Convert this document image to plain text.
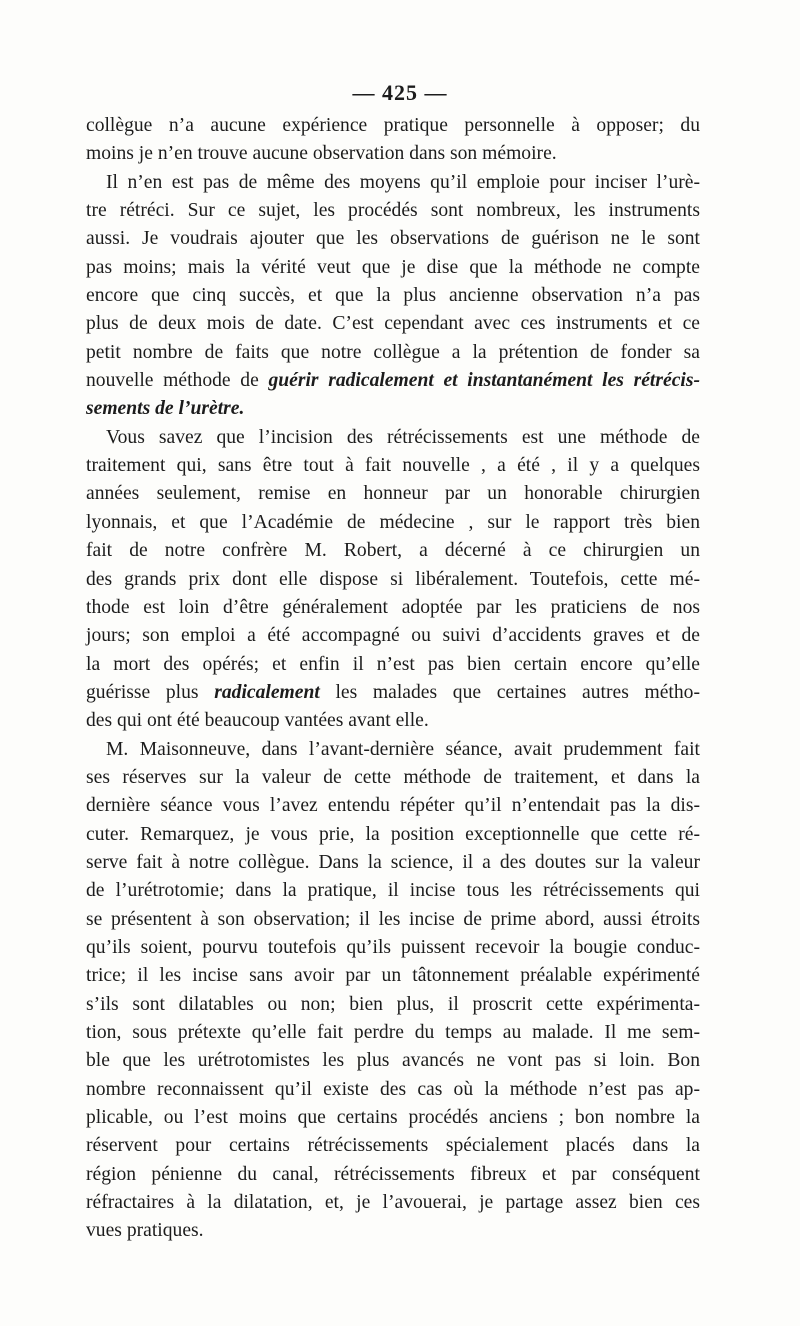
— 425 —
collègue n’a aucune expérience pratique personnelle à opposer; du
moins je n’en trouve aucune observation dans son mémoire.
Il n’en est pas de même des moyens qu’il emploie pour inciser l’urè-
tre rétréci. Sur ce sujet, les procédés sont nombreux, les instruments
aussi. Je voudrais ajouter que les observations de guérison ne le sont
pas moins; mais la vérité veut que je dise que la méthode ne compte
encore que cinq succès, et que la plus ancienne observation n’a pas
plus de deux mois de date. C’est cependant avec ces instruments et ce
petit nombre de faits que notre collègue a la prétention de fonder sa
nouvelle méthode de guérir radicalement et instantanément les rétrécis-
sements de l’urètre.
Vous savez que l’incision des rétrécissements est une méthode de
traitement qui, sans être tout à fait nouvelle , a été , il y a quelques
années seulement, remise en honneur par un honorable chirurgien
lyonnais, et que l’Académie de médecine , sur le rapport très bien
fait de notre confrère M. Robert, a décerné à ce chirurgien un
des grands prix dont elle dispose si libéralement. Toutefois, cette mé-
thode est loin d’être généralement adoptée par les praticiens de nos
jours; son emploi a été accompagné ou suivi d’accidents graves et de
la mort des opérés; et enfin il n’est pas bien certain encore qu’elle
guérisse plus radicalement les malades que certaines autres métho-
des qui ont été beaucoup vantées avant elle.
M. Maisonneuve, dans l’avant-dernière séance, avait prudemment fait
ses réserves sur la valeur de cette méthode de traitement, et dans la
dernière séance vous l’avez entendu répéter qu’il n’entendait pas la dis-
cuter. Remarquez, je vous prie, la position exceptionnelle que cette ré-
serve fait à notre collègue. Dans la science, il a des doutes sur la valeur
de l’urétrotomie; dans la pratique, il incise tous les rétrécissements qui
se présentent à son observation; il les incise de prime abord, aussi étroits
qu’ils soient, pourvu toutefois qu’ils puissent recevoir la bougie conduc-
trice; il les incise sans avoir par un tâtonnement préalable expérimenté
s’ils sont dilatables ou non; bien plus, il proscrit cette expérimenta-
tion, sous prétexte qu’elle fait perdre du temps au malade. Il me sem-
ble que les urétrotomistes les plus avancés ne vont pas si loin. Bon
nombre reconnaissent qu’il existe des cas où la méthode n’est pas ap-
plicable, ou l’est moins que certains procédés anciens ; bon nombre la
réservent pour certains rétrécissements spécialement placés dans la
région pénienne du canal, rétrécissements fibreux et par conséquent
réfractaires à la dilatation, et, je l’avouerai, je partage assez bien ces
vues pratiques.
